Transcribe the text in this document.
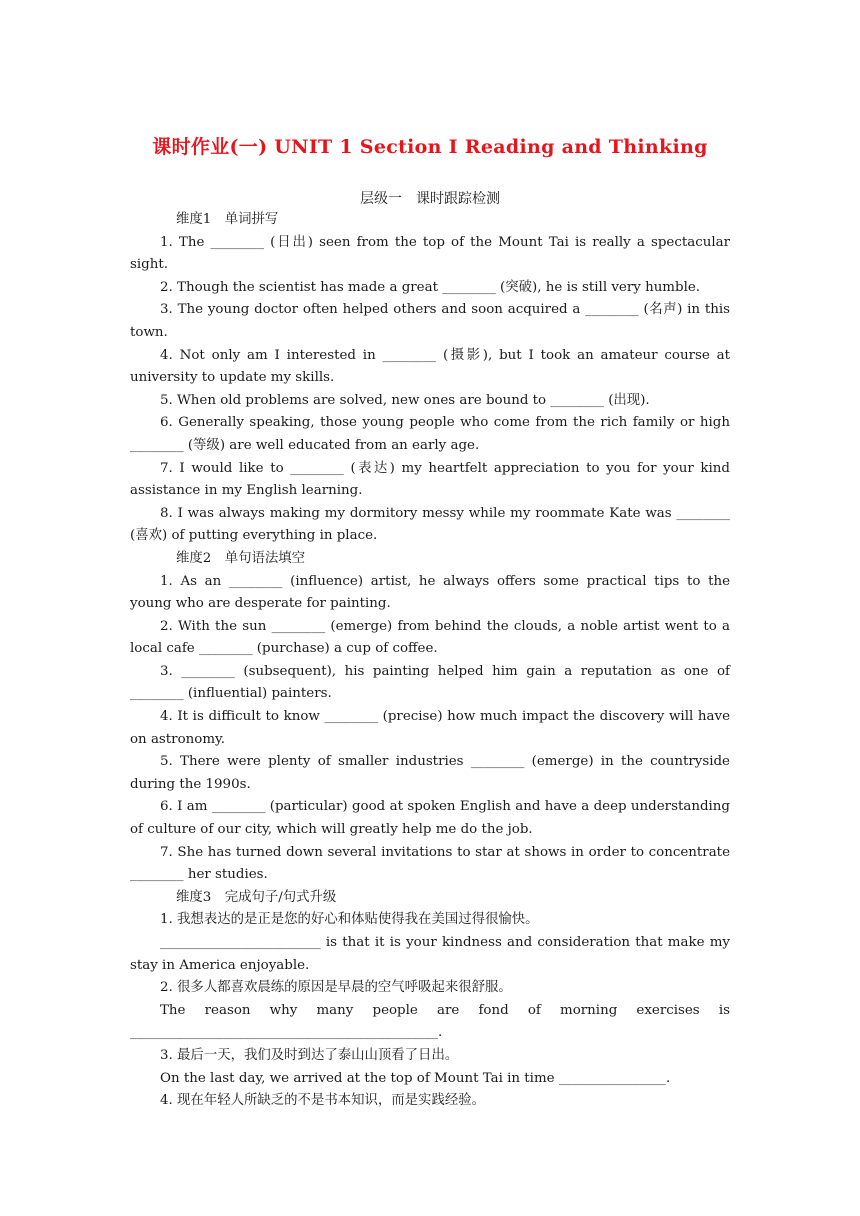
课时作业(一) UNIT 1 Section Ⅰ Reading and Thinking
层级一 课时跟踪检测
维度1　单词拼写

1. The ________ (日出) seen from the top of the Mount Tai is really a spectacular sight.

2. Though the scientist has made a great ________ (突破), he is still very humble.

3. The young doctor often helped others and soon acquired a ________ (名声) in this town.

4. Not only am I interested in ________ (摄影), but I took an amateur course at university to update my skills.

5. When old problems are solved, new ones are bound to ________ (出现).

6. Generally speaking, those young people who come from the rich family or high ________ (等级) are well educated from an early age.

7. I would like to ________ (表达) my heartfelt appreciation to you for your kind assistance in my English learning.

8. I was always making my dormitory messy while my roommate Kate was ________ (喜欢) of putting everything in place.

维度2　单句语法填空

1. As an ________ (influence) artist, he always offers some practical tips to the young who are desperate for painting.

2. With the sun ________ (emerge) from behind the clouds, a noble artist went to a local cafe ________ (purchase) a cup of coffee.

3. ________ (subsequent), his painting helped him gain a reputation as one of ________ (influential) painters.

4. It is difficult to know ________ (precise) how much impact the discovery will have on astronomy.

5. There were plenty of smaller industries ________ (emerge) in the countryside during the 1990s.

6. I am ________ (particular) good at spoken English and have a deep understanding of culture of our city, which will greatly help me do the job.

7. She has turned down several invitations to star at shows in order to concentrate ________ her studies.

维度3　完成句子/句式升级

1. 我想表达的是正是您的好心和体贴使得我在美国过得很愉快。

________________________ is that it is your kindness and consideration that make my stay in America enjoyable.

2. 很多人都喜欢晨练的原因是早晨的空气呼吸起来很舒服。

The reason why many people are fond of morning exercises is ______________________________________________.

3. 最后一天，我们及时到达了泰山山顶看了日出。

On the last day, we arrived at the top of Mount Tai in time ________________.

4. 现在年轻人所缺乏的不是书本知识，而是实践经验。
